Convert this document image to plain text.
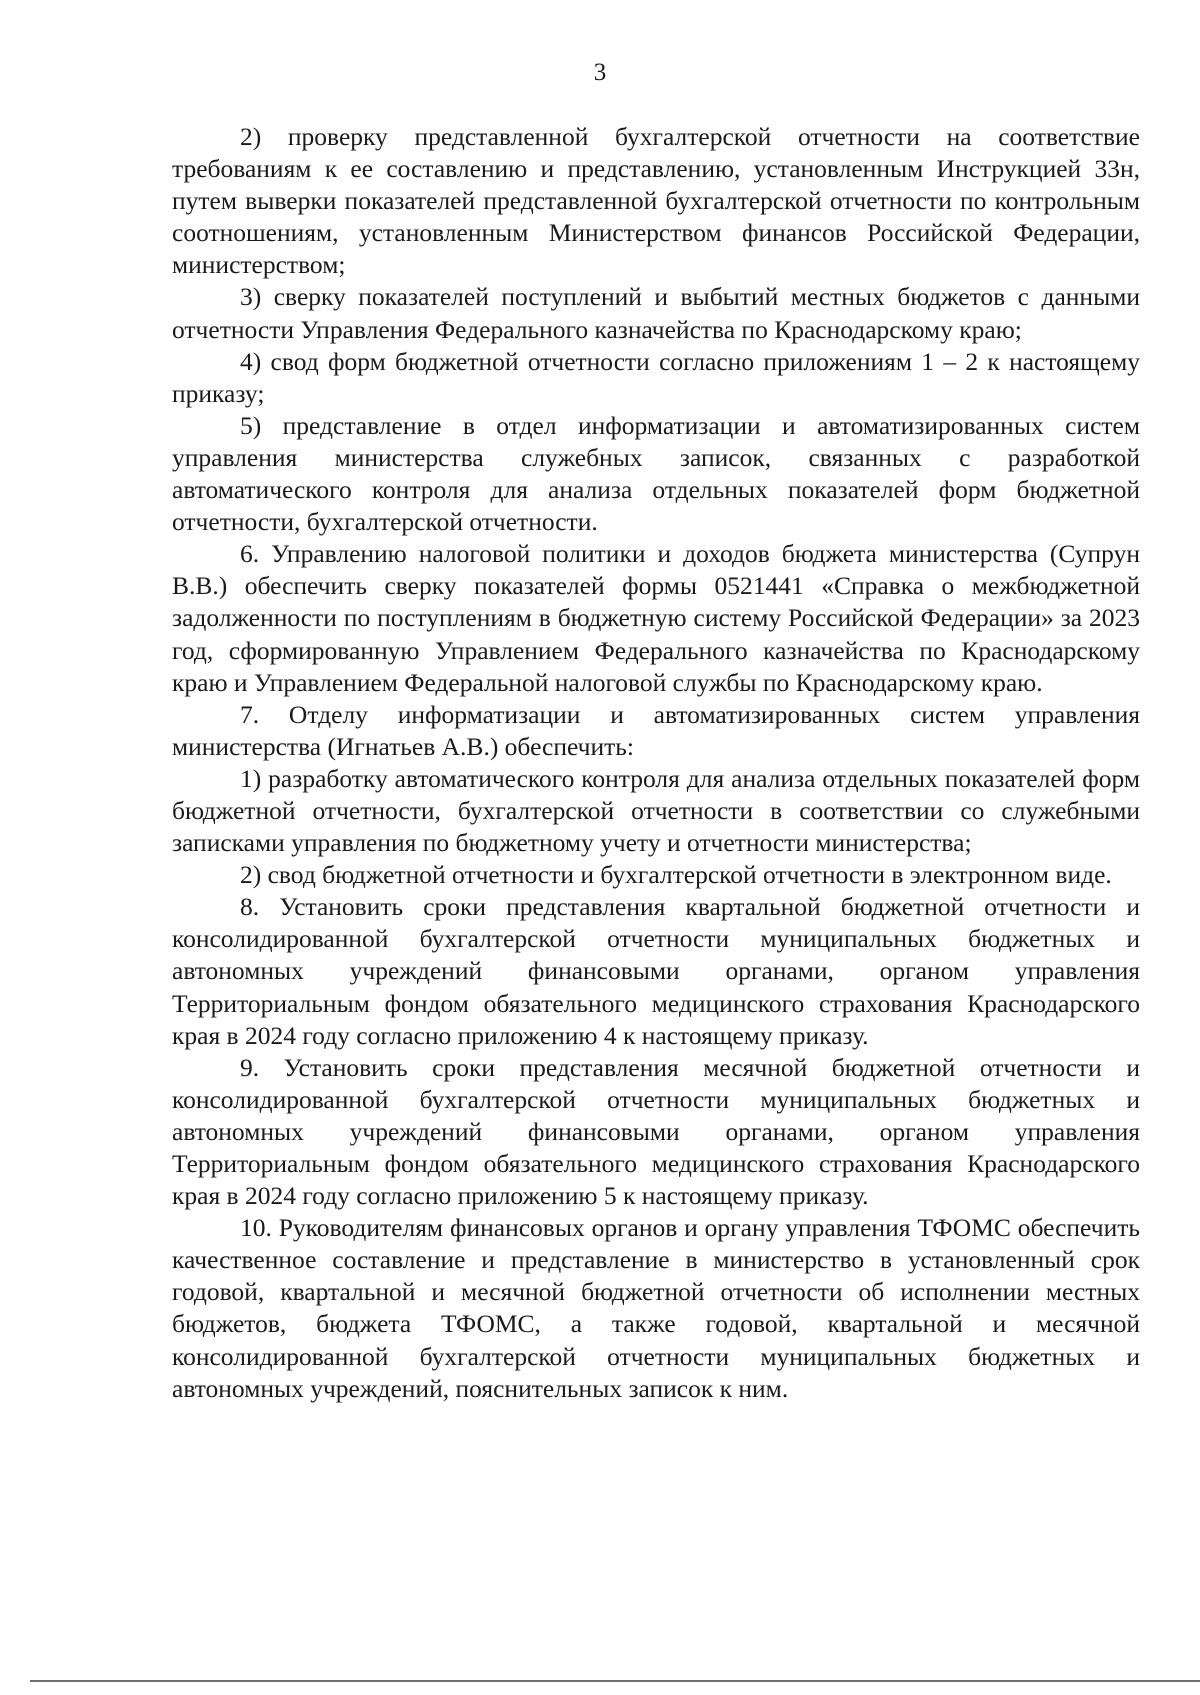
3

2) проверку представленной бухгалтерской отчетности на соответствие требованиям к ее составлению и представлению, установленным Инструкцией 33н, путем выверки показателей представленной бухгалтерской отчетности по контрольным соотношениям, установленным Министерством финансов Российской Федерации, министерством;

3) сверку показателей поступлений и выбытий местных бюджетов с данными отчетности Управления Федерального казначейства по Краснодарскому краю;

4) свод форм бюджетной отчетности согласно приложениям 1 – 2 к настоящему приказу;

5) представление в отдел информатизации и автоматизированных систем управления министерства служебных записок, связанных с разработкой автоматического контроля для анализа отдельных показателей форм бюджетной отчетности, бухгалтерской отчетности.

6. Управлению налоговой политики и доходов бюджета министерства (Супрун В.В.) обеспечить сверку показателей формы 0521441 «Справка о межбюджетной задолженности по поступлениям в бюджетную систему Российской Федерации» за 2023 год, сформированную Управлением Федерального казначейства по Краснодарскому краю и Управлением Федеральной налоговой службы по Краснодарскому краю.

7. Отделу информатизации и автоматизированных систем управления министерства (Игнатьев А.В.) обеспечить:

1) разработку автоматического контроля для анализа отдельных показателей форм бюджетной отчетности, бухгалтерской отчетности в соответствии со служебными записками управления по бюджетному учету и отчетности министерства;

2) свод бюджетной отчетности и бухгалтерской отчетности в электронном виде.

8. Установить сроки представления квартальной бюджетной отчетности и консолидированной бухгалтерской отчетности муниципальных бюджетных и автономных учреждений финансовыми органами, органом управления Территориальным фондом обязательного медицинского страхования Краснодарского края в 2024 году согласно приложению 4 к настоящему приказу.

9. Установить сроки представления месячной бюджетной отчетности и консолидированной бухгалтерской отчетности муниципальных бюджетных и автономных учреждений финансовыми органами, органом управления Территориальным фондом обязательного медицинского страхования Краснодарского края в 2024 году согласно приложению 5 к настоящему приказу.

10. Руководителям финансовых органов и органу управления ТФОМС обеспечить качественное составление и представление в министерство в установленный срок годовой, квартальной и месячной бюджетной отчетности об исполнении местных бюджетов, бюджета ТФОМС, а также годовой, квартальной и месячной консолидированной бухгалтерской отчетности муниципальных бюджетных и автономных учреждений, пояснительных записок к ним.
